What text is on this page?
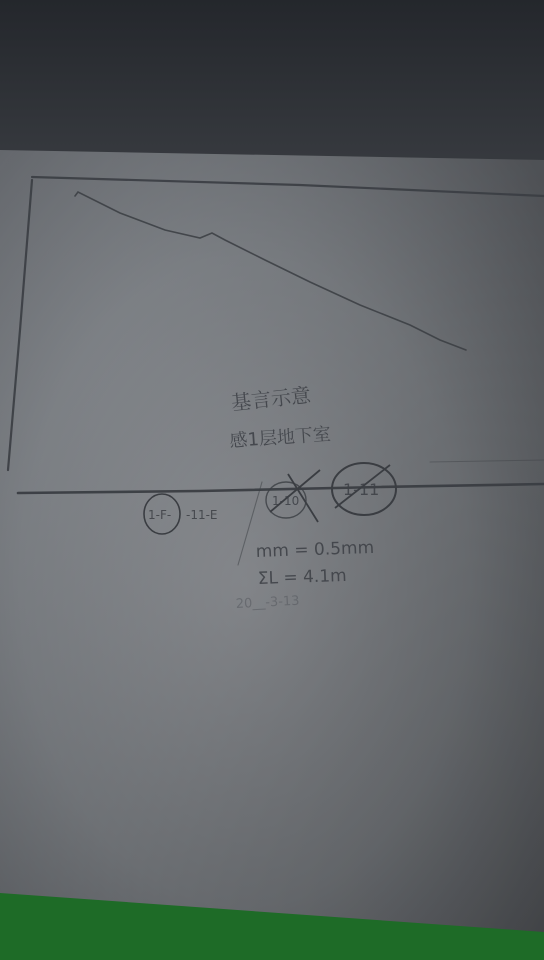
基言示意
感1层地下室
1-F- -11-E
1-10
1-11
mm = 0.5mm
ΣL = 4.1m
20__-3-13
